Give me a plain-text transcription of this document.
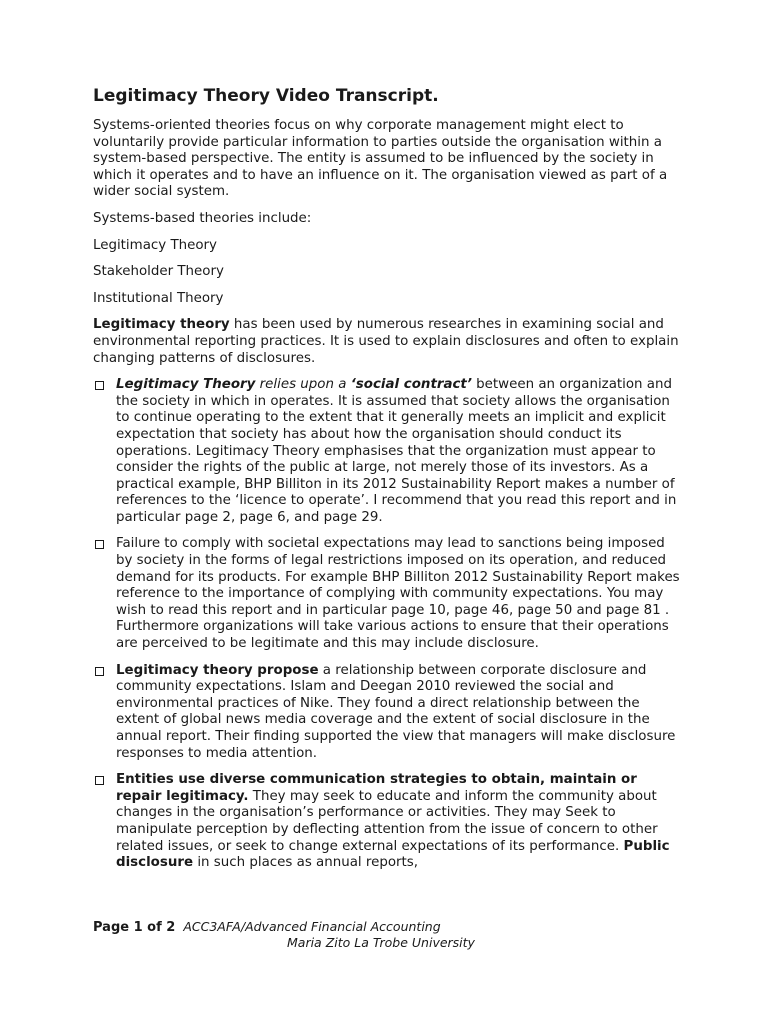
Legitimacy Theory Video Transcript.

Systems-oriented theories focus on why corporate management might elect to voluntarily provide particular information to parties outside the organisation within a system-based perspective. The entity is assumed to be influenced by the society in which it operates and to have an influence on it. The organisation viewed as part of a wider social system.

Systems-based theories include:

Legitimacy Theory

Stakeholder Theory

Institutional Theory

Legitimacy theory has been used by numerous researches in examining social and environmental reporting practices. It is used to explain disclosures and often to explain changing patterns of disclosures.

Legitimacy Theory relies upon a ‘social contract’ between an organization and the society in which in operates. It is assumed that society allows the organisation to continue operating to the extent that it generally meets an implicit and explicit expectation that society has about how the organisation should conduct its operations. Legitimacy Theory emphasises that the organization must appear to consider the rights of the public at large, not merely those of its investors. As a practical example, BHP Billiton in its 2012 Sustainability Report makes a number of references to the ‘licence to operate’. I recommend that you read this report and in particular page 2, page 6, and page 29.
Failure to comply with societal expectations may lead to sanctions being imposed by society in the forms of legal restrictions imposed on its operation, and reduced demand for its products. For example BHP Billiton 2012 Sustainability Report makes reference to the importance of complying with community expectations. You may wish to read this report and in particular page 10, page 46, page 50 and page 81 . Furthermore organizations will take various actions to ensure that their operations are perceived to be legitimate and this may include disclosure.
Legitimacy theory propose a relationship between corporate disclosure and community expectations. Islam and Deegan 2010 reviewed the social and environmental practices of Nike. They found a direct relationship between the extent of global news media coverage and the extent of social disclosure in the annual report. Their finding supported the view that managers will make disclosure responses to media attention.
Entities use diverse communication strategies to obtain, maintain or repair legitimacy. They may seek to educate and inform the community about changes in the organisation’s performance or activities. They may Seek to manipulate perception by deflecting attention from the issue of concern to other related issues, or seek to change external expectations of its performance. Public disclosure in such places as annual reports,
Page 1 of 2 ACC3AFA/Advanced Financial Accounting
Maria Zito La Trobe University
